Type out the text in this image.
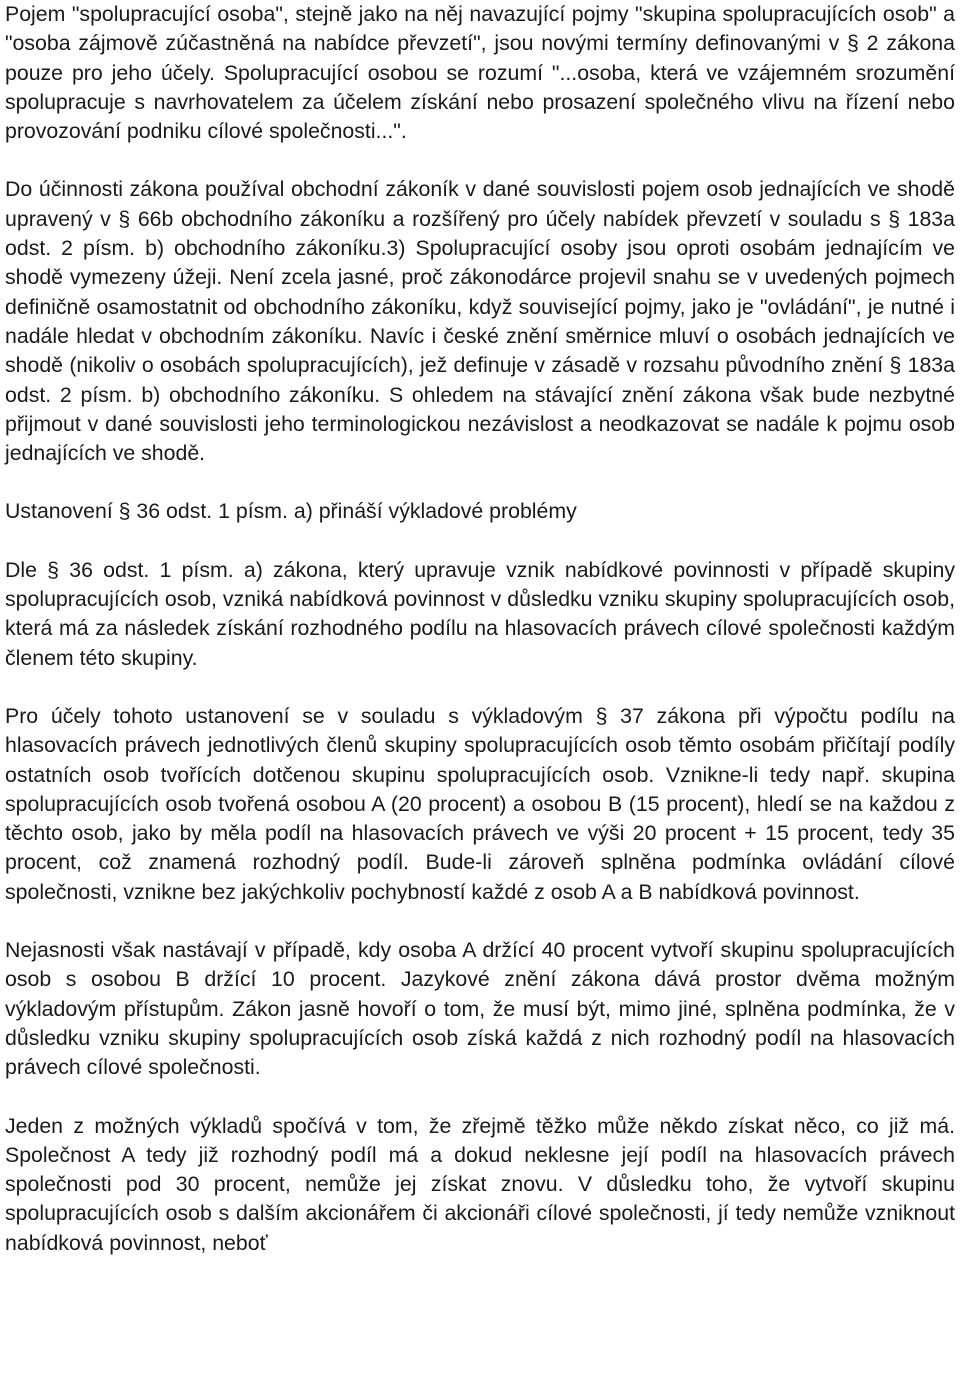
Pojem "spolupracující osoba", stejně jako na něj navazující pojmy "skupina spolupracujících osob" a "osoba zájmově zúčastněná na nabídce převzetí", jsou novými termíny definovanými v § 2 zákona pouze pro jeho účely. Spolupracující osobou se rozumí "...osoba, která ve vzájemném srozumění spolupracuje s navrhovatelem za účelem získání nebo prosazení společného vlivu na řízení nebo provozování podniku cílové společnosti...".

Do účinnosti zákona používal obchodní zákoník v dané souvislosti pojem osob jednajících ve shodě upravený v § 66b obchodního zákoníku a rozšířený pro účely nabídek převzetí v souladu s § 183a odst. 2 písm. b) obchodního zákoníku.3) Spolupracující osoby jsou oproti osobám jednajícím ve shodě vymezeny úžeji. Není zcela jasné, proč zákonodárce projevil snahu se v uvedených pojmech definičně osamostatnit od obchodního zákoníku, když související pojmy, jako je "ovládání", je nutné i nadále hledat v obchodním zákoníku. Navíc i české znění směrnice mluví o osobách jednajících ve shodě (nikoliv o osobách spolupracujících), jež definuje v zásadě v rozsahu původního znění § 183a odst. 2 písm. b) obchodního zákoníku. S ohledem na stávající znění zákona však bude nezbytné přijmout v dané souvislosti jeho terminologickou nezávislost a neodkazovat se nadále k pojmu osob jednajících ve shodě.

Ustanovení § 36 odst. 1 písm. a) přináší výkladové problémy

Dle § 36 odst. 1 písm. a) zákona, který upravuje vznik nabídkové povinnosti v případě skupiny spolupracujících osob, vzniká nabídková povinnost v důsledku vzniku skupiny spolupracujících osob, která má za následek získání rozhodného podílu na hlasovacích právech cílové společnosti každým členem této skupiny.

Pro účely tohoto ustanovení se v souladu s výkladovým § 37 zákona při výpočtu podílu na hlasovacích právech jednotlivých členů skupiny spolupracujících osob těmto osobám přičítají podíly ostatních osob tvořících dotčenou skupinu spolupracujících osob. Vznikne-li tedy např. skupina spolupracujících osob tvořená osobou A (20 procent) a osobou B (15 procent), hledí se na každou z těchto osob, jako by měla podíl na hlasovacích právech ve výši 20 procent + 15 procent, tedy 35 procent, což znamená rozhodný podíl. Bude-li zároveň splněna podmínka ovládání cílové společnosti, vznikne bez jakýchkoliv pochybností každé z osob A a B nabídková povinnost.

Nejasnosti však nastávají v případě, kdy osoba A držící 40 procent vytvoří skupinu spolupracujících osob s osobou B držící 10 procent. Jazykové znění zákona dává prostor dvěma možným výkladovým přístupům. Zákon jasně hovoří o tom, že musí být, mimo jiné, splněna podmínka, že v důsledku vzniku skupiny spolupracujících osob získá každá z nich rozhodný podíl na hlasovacích právech cílové společnosti.

Jeden z možných výkladů spočívá v tom, že zřejmě těžko může někdo získat něco, co již má. Společnost A tedy již rozhodný podíl má a dokud neklesne její podíl na hlasovacích právech společnosti pod 30 procent, nemůže jej získat znovu. V důsledku toho, že vytvoří skupinu spolupracujících osob s dalším akcionářem či akcionáři cílové společnosti, jí tedy nemůže vzniknout nabídková povinnost, neboť
